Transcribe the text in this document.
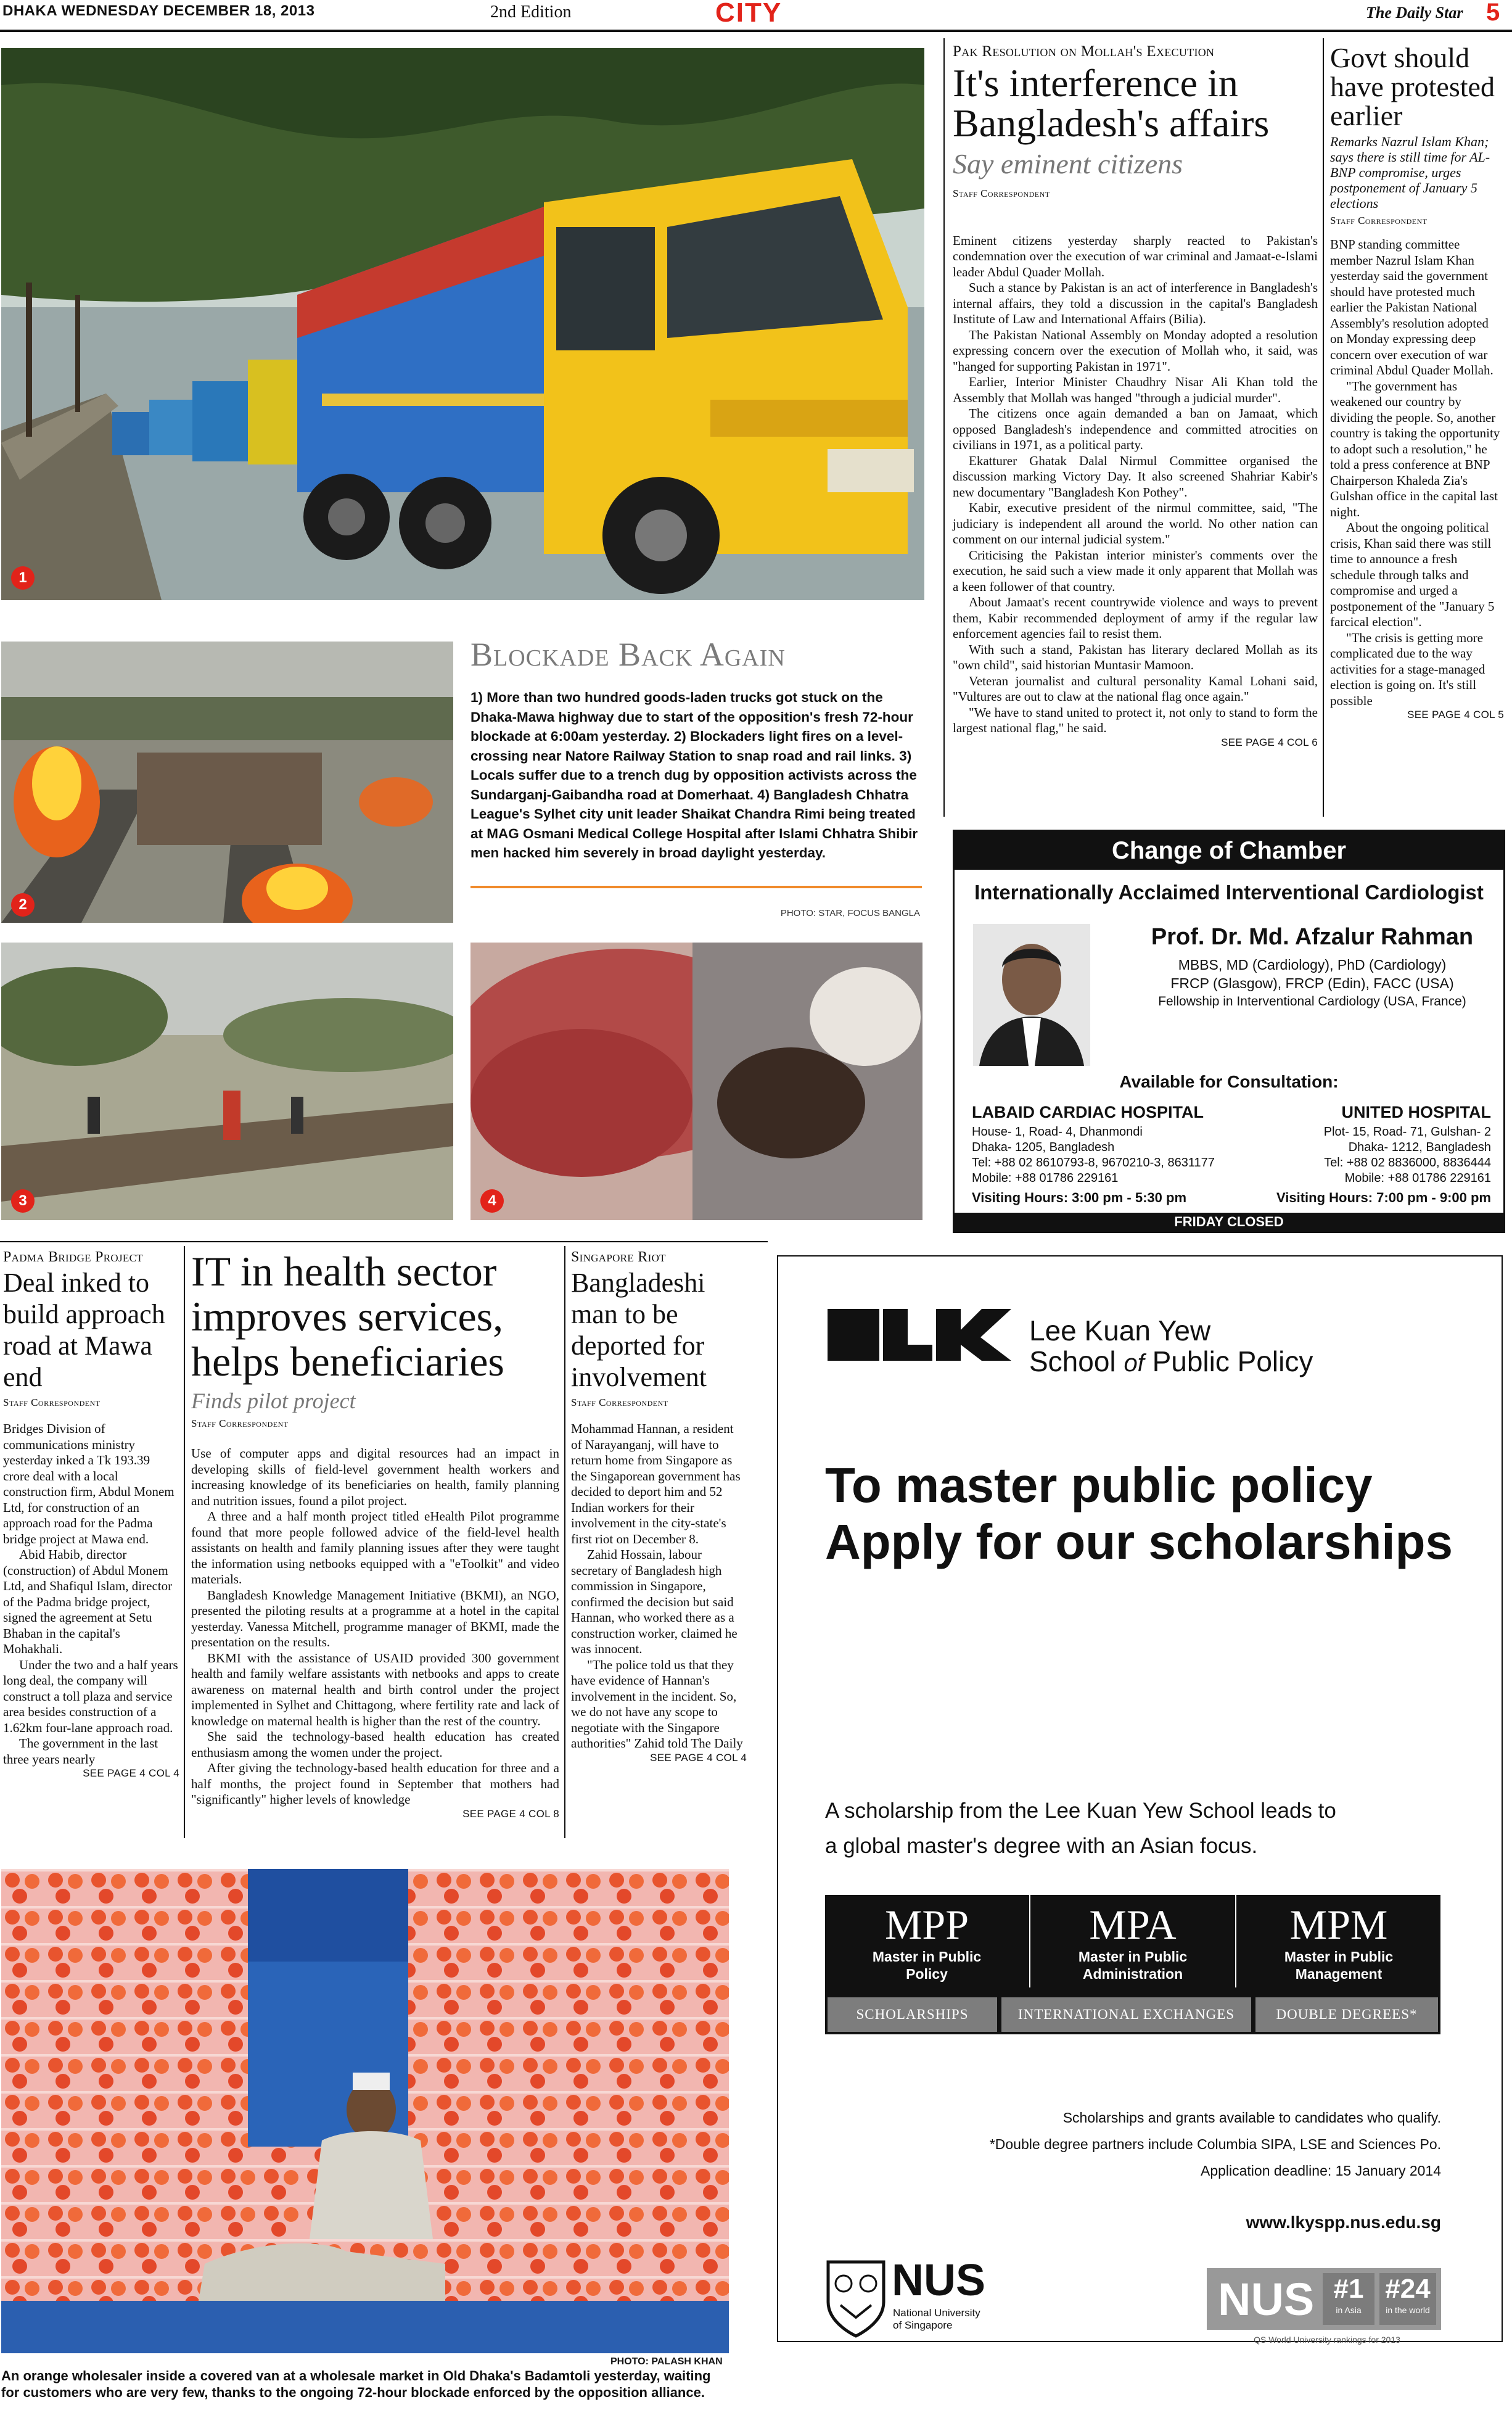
DHAKA WEDNESDAY DECEMBER 18, 2013	2nd Edition	CITY	The Daily Star 5
1
2
Blockade Back Again
1) More than two hundred goods-laden trucks got stuck on the Dhaka-Mawa highway due to start of the opposition's fresh 72-hour blockade at 6:00am yesterday. 2) Blockaders light fires on a level-crossing near Natore Railway Station to snap road and rail links. 3) Locals suffer due to a trench dug by opposition activists across the Sundarganj-Gaibandha road at Domerhaat. 4) Bangladesh Chhatra League's Sylhet city unit leader Shaikat Chandra Rimi being treated at MAG Osmani Medical College Hospital after Islami Chhatra Shibir men hacked him severely in broad daylight yesterday.
PHOTO: STAR, FOCUS BANGLA
3	4
Pak Resolution on Mollah's Execution
It's interference in Bangladesh's affairs
Say eminent citizens
Staff Correspondent

Eminent citizens yesterday sharply reacted to Pakistan's condemnation over the execution of war criminal and Jamaat-e-Islami leader Abdul Quader Mollah.

Such a stance by Pakistan is an act of interference in Bangladesh's internal affairs, they told a discussion in the capital's Bangladesh Institute of Law and International Affairs (Bilia).

The Pakistan National Assembly on Monday adopted a resolution expressing concern over the execution of Mollah who, it said, was "hanged for supporting Pakistan in 1971".

Earlier, Interior Minister Chaudhry Nisar Ali Khan told the Assembly that Mollah was hanged "through a judicial murder".

The citizens once again demanded a ban on Jamaat, which opposed Bangladesh's independence and committed atrocities on civilians in 1971, as a political party.

Ekatturer Ghatak Dalal Nirmul Committee organised the discussion marking Victory Day. It also screened Shahriar Kabir's new documentary "Bangladesh Kon Pothey".

Kabir, executive president of the nirmul committee, said, "The judiciary is independent all around the world. No other nation can comment on our internal judicial system."

Criticising the Pakistan interior minister's comments over the execution, he said such a view made it only apparent that Mollah was a keen follower of that country.

About Jamaat's recent countrywide violence and ways to prevent them, Kabir recommended deployment of army if the regular law enforcement agencies fail to resist them.

With such a stand, Pakistan has literary declared Mollah as its "own child", said historian Muntasir Mamoon.

Veteran journalist and cultural personality Kamal Lohani said, "Vultures are out to claw at the national flag once again."

"We have to stand united to protect it, not only to stand to form the largest national flag," he said.

SEE PAGE 4 COL 6
Govt should have protested earlier
Remarks Nazrul Islam Khan; says there is still time for AL-BNP compromise, urges postponement of January 5 elections
Staff Correspondent

BNP standing committee member Nazrul Islam Khan yesterday said the government should have protested much earlier the Pakistan National Assembly's resolution adopted on Monday expressing deep concern over execution of war criminal Abdul Quader Mollah.

"The government has weakened our country by dividing the people. So, another country is taking the opportunity to adopt such a resolution," he told a press conference at BNP Chairperson Khaleda Zia's Gulshan office in the capital last night.

About the ongoing political crisis, Khan said there was still time to announce a fresh schedule through talks and compromise and urged a postponement of the "January 5 farcical election".

"The crisis is getting more complicated due to the way activities for a stage-managed election is going on. It's still possible

SEE PAGE 4 COL 5
Change of Chamber
Internationally Acclaimed Interventional Cardiologist
Prof. Dr. Md. Afzalur Rahman
MBBS, MD (Cardiology), PhD (Cardiology)
FRCP (Glasgow), FRCP (Edin), FACC (USA)
Fellowship in Interventional Cardiology (USA, France)
Available for Consultation:
LABAID CARDIAC HOSPITAL
House- 1, Road- 4, Dhanmondi
Dhaka- 1205, Bangladesh
Tel: +88 02 8610793-8, 9670210-3, 8631177
Mobile: +88 01786 229161
Visiting Hours: 3:00 pm - 5:30 pm
UNITED HOSPITAL
Plot- 15, Road- 71, Gulshan- 2
Dhaka- 1212, Bangladesh
Tel: +88 02 8836000, 8836444
Mobile: +88 01786 229161
Visiting Hours: 7:00 pm - 9:00 pm
FRIDAY CLOSED
Padma Bridge Project
Deal inked to build approach road at Mawa end
Staff Correspondent

Bridges Division of communications ministry yesterday inked a Tk 193.39 crore deal with a local construction firm, Abdul Monem Ltd, for construction of an approach road for the Padma bridge project at Mawa end.

Abid Habib, director (construction) of Abdul Monem Ltd, and Shafiqul Islam, director of the Padma bridge project, signed the agreement at Setu Bhaban in the capital's Mohakhali.

Under the two and a half years long deal, the company will construct a toll plaza and service area besides construction of a 1.62km four-lane approach road.

The government in the last three years nearly

SEE PAGE 4 COL 4
IT in health sector improves services, helps beneficiaries
Finds pilot project
Staff Correspondent

Use of computer apps and digital resources had an impact in developing skills of field-level government health workers and increasing knowledge of its beneficiaries on health, family planning and nutrition issues, found a pilot project.

A three and a half month project titled eHealth Pilot programme found that more people followed advice of the field-level health assistants on health and family planning issues after they were taught the information using netbooks equipped with a "eToolkit" and video materials.

Bangladesh Knowledge Management Initiative (BKMI), an NGO, presented the piloting results at a programme at a hotel in the capital yesterday. Vanessa Mitchell, programme manager of BKMI, made the presentation on the results.

BKMI with the assistance of USAID provided 300 government health and family welfare assistants with netbooks and apps to create awareness on maternal health and birth control under the project implemented in Sylhet and Chittagong, where fertility rate and lack of knowledge on maternal health is higher than the rest of the country.

She said the technology-based health education has created enthusiasm among the women under the project.

After giving the technology-based health education for three and a half months, the project found in September that mothers had "significantly" higher levels of knowledge

SEE PAGE 4 COL 8
Singapore Riot
Bangladeshi man to be deported for involvement
Staff Correspondent

Mohammad Hannan, a resident of Narayanganj, will have to return home from Singapore as the Singaporean government has decided to deport him and 52 Indian workers for their involvement in the city-state's first riot on December 8.

Zahid Hossain, labour secretary of Bangladesh high commission in Singapore, confirmed the decision but said Hannan, who worked there as a construction worker, claimed he was innocent.

"The police told us that they have evidence of Hannan's involvement in the incident. So, we do not have any scope to negotiate with the Singapore authorities" Zahid told The Daily

SEE PAGE 4 COL 4
Lee Kuan Yew
School of Public Policy
To master public policy
Apply for our scholarships
A scholarship from the Lee Kuan Yew School leads to
a global master's degree with an Asian focus.
MPP
Master in Public
Policy
MPA
Master in Public
Administration
MPM
Master in Public
Management
SCHOLARSHIPS	INTERNATIONAL EXCHANGES	DOUBLE DEGREES*
Scholarships and grants available to candidates who qualify.
*Double degree partners include Columbia SIPA, LSE and Sciences Po.
Application deadline: 15 January 2014
www.lkyspp.nus.edu.sg
NUS
National University
of Singapore
NUS #1
in Asia
#24
in the world
QS World University rankings for 2013
PHOTO: PALASH KHAN
An orange wholesaler inside a covered van at a wholesale market in Old Dhaka's Badamtoli yesterday, waiting for customers who are very few, thanks to the ongoing 72-hour blockade enforced by the opposition alliance.
